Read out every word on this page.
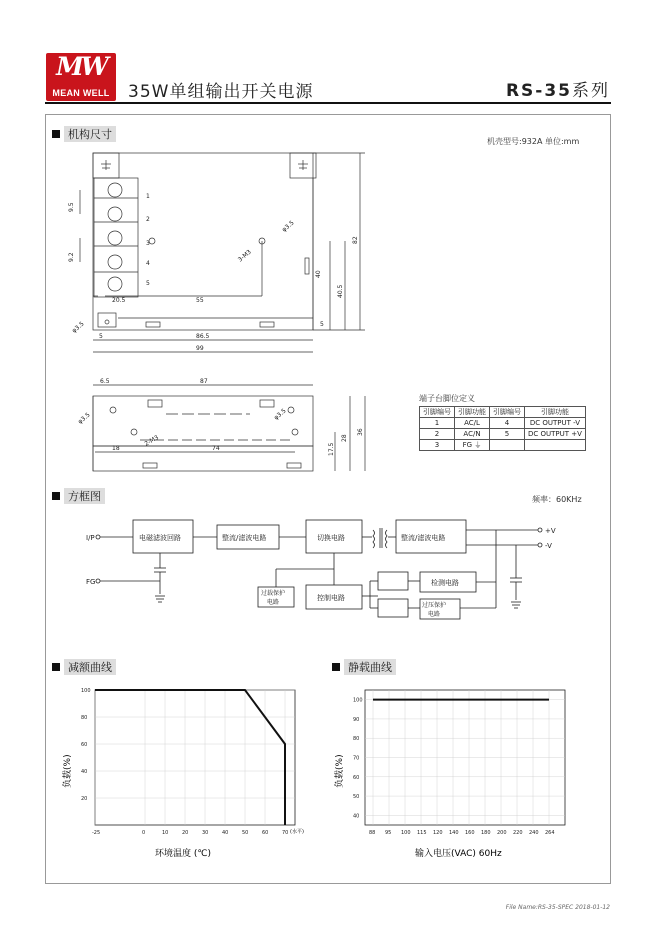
MW
MEAN WELL	35W单组输出开关电源	RS-35系列
机构尺寸
机壳型号:932A 单位:mm
1
2
3
4
5
9.5
9.2
20.5	55
86.5
99
5
5
40
40.5
82
φ3.5
φ3.5
3-M3
6.5	87
φ3.5	φ3.5
2-M3
18	74	17.5
28
36
端子台脚位定义
引脚编号	引脚功能	引脚编号	引脚功能
1	AC/L	4	DC OUTPUT -V
2	AC/N	5	DC OUTPUT +V
3	FG ⏚		
方框图	频率：60KHz
I/P
FG
电磁滤波回路	整流/滤波电路	切换电路	整流/滤波电路
检测电路
控制电路
过载保护
电路	过压保护
电路
+V
-V
减额曲线	静载曲线
100
80
60
40
20
-25	0	10	20	30	40	50	60	70 (水平)
环境温度 (℃)
负载(%)
100
90
80
70
60
50
40
88 95 100 115 120 140 160 180 200 220 240 264
输入电压(VAC) 60Hz
负载(%)
File Name:RS-35-SPEC 2018-01-12
